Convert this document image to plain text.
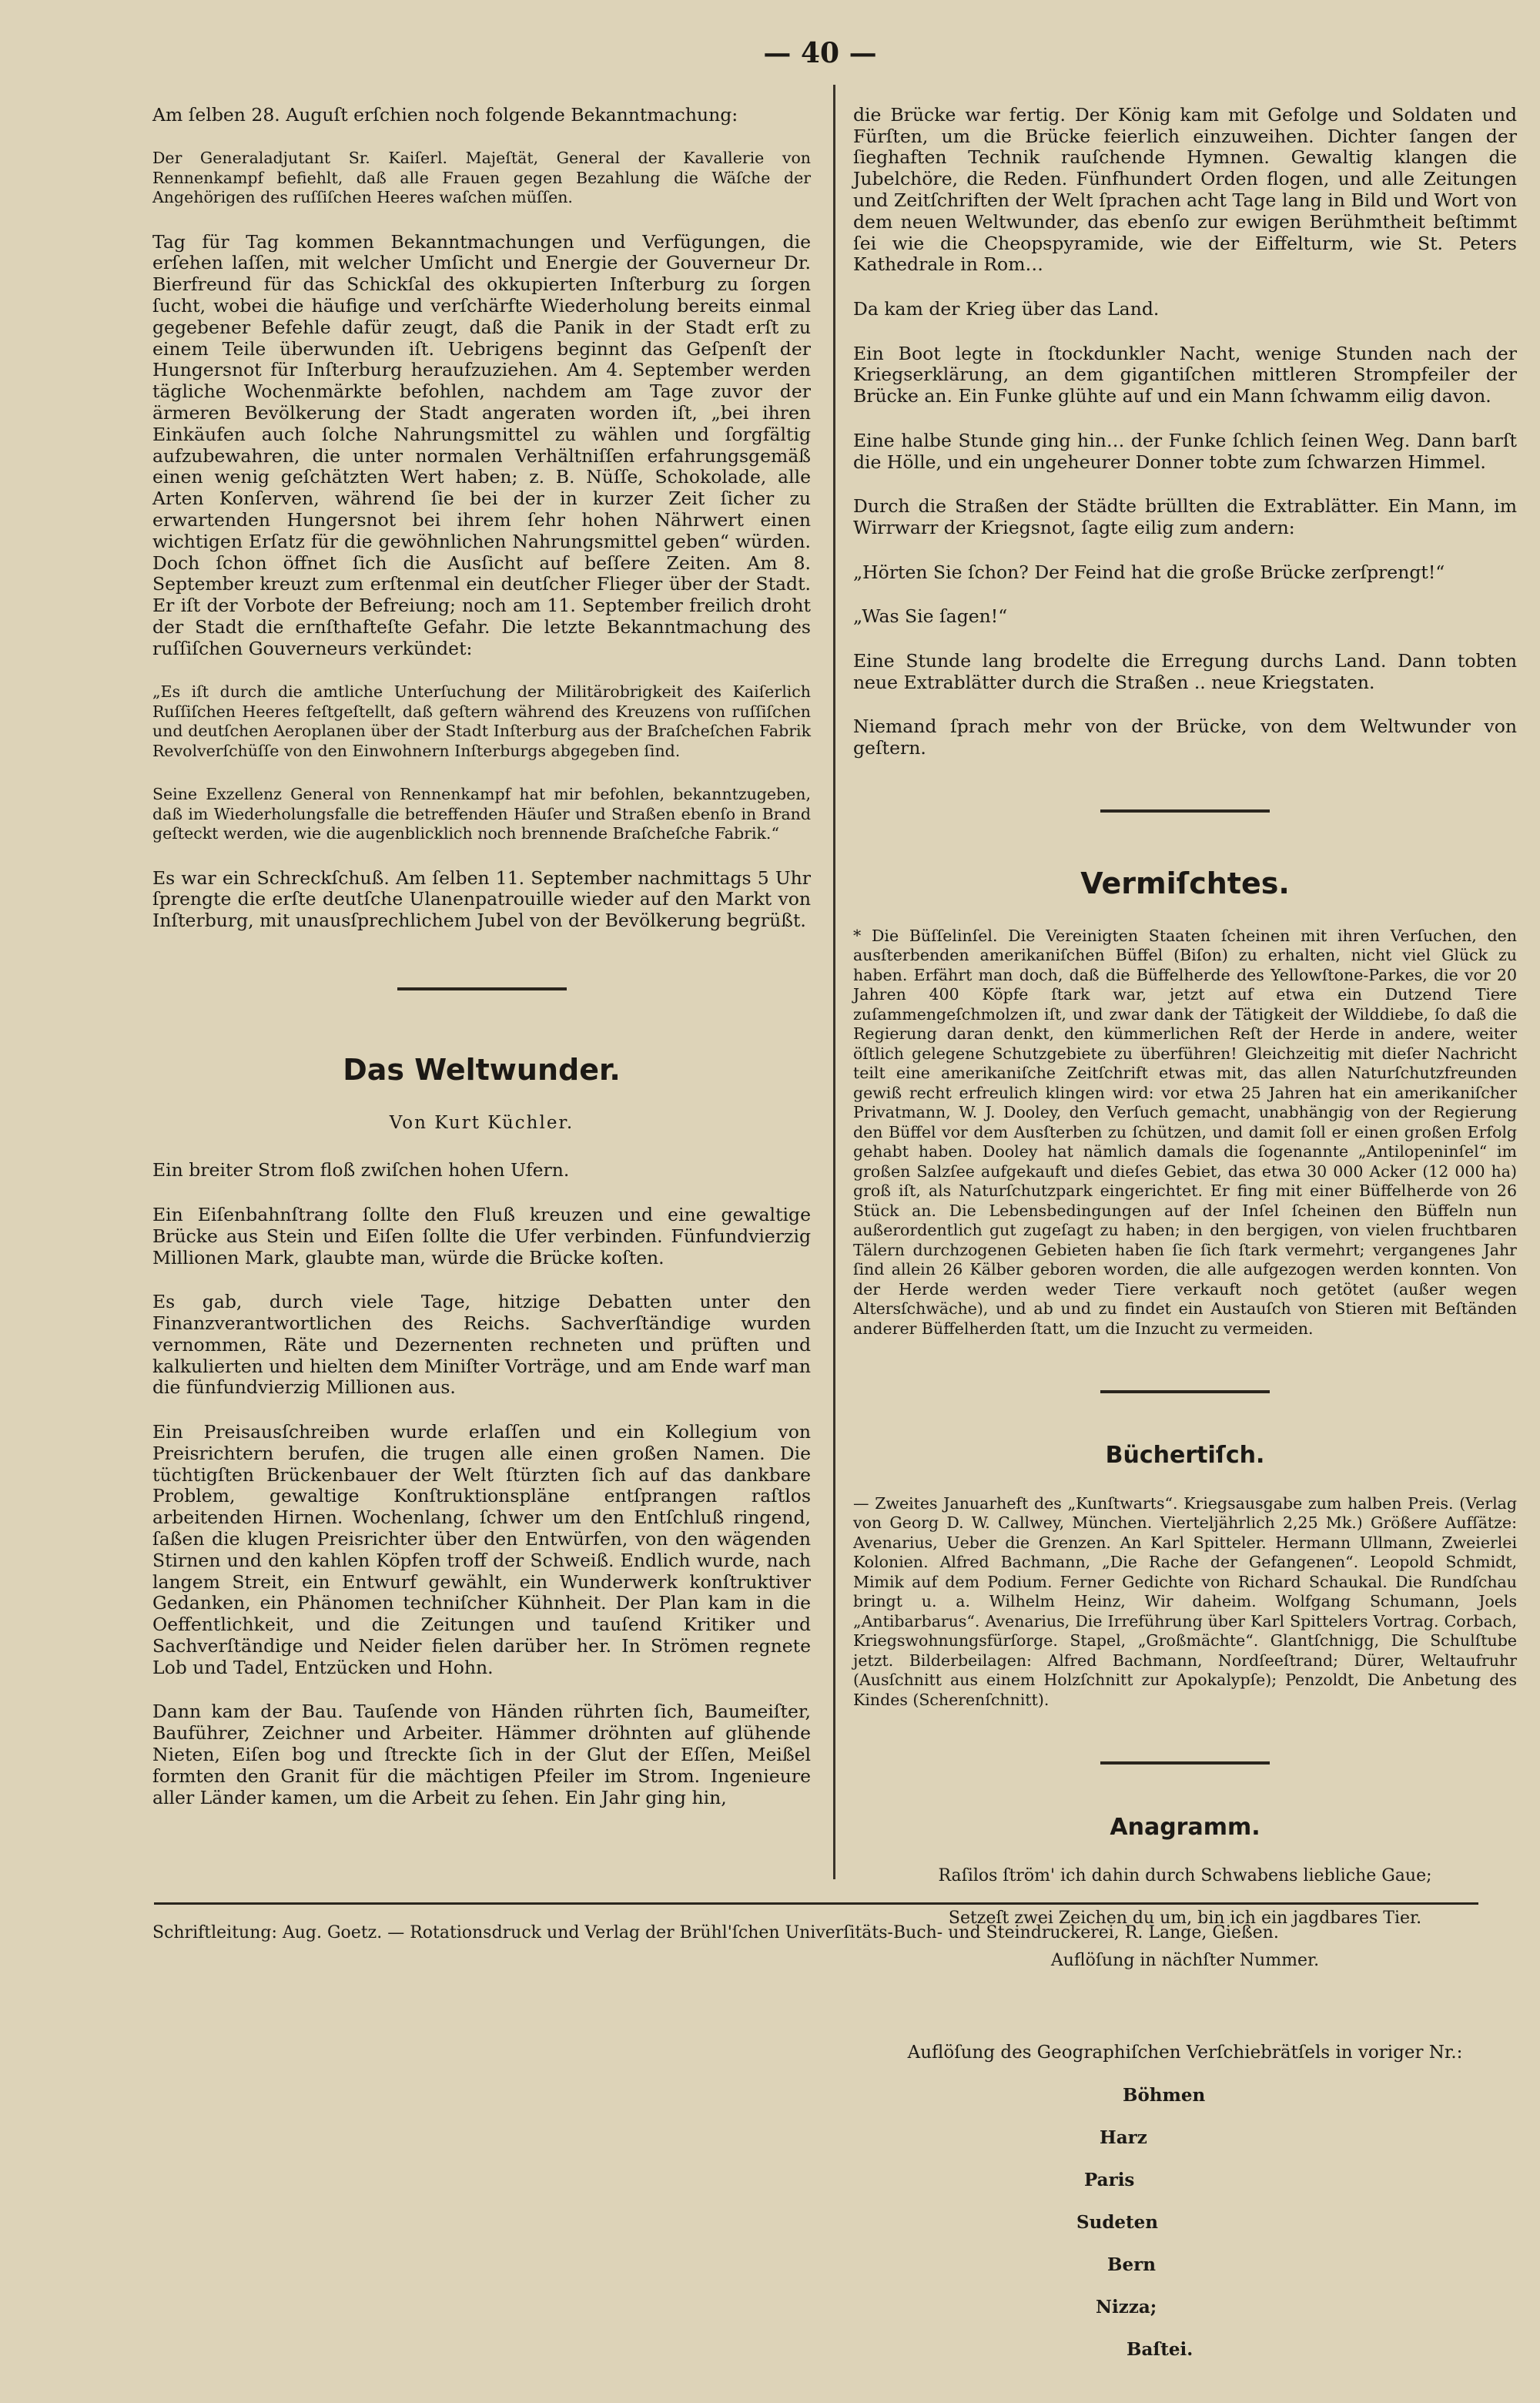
— 40 —

Am ſelben 28. Auguſt erſchien noch folgende Bekanntmachung:

Der Generaladjutant Sr. Kaiſerl. Majeſtät, General der Kavallerie von Rennenkampf befiehlt, daß alle Frauen gegen Bezahlung die Wäſche der Angehörigen des ruſſiſchen Heeres waſchen müſſen.

Tag für Tag kommen Bekanntmachungen und Verfügungen, die erſehen laſſen, mit welcher Umſicht und Energie der Gouverneur Dr. Bierfreund für das Schickſal des okkupierten Inſterburg zu ſorgen ſucht, wobei die häufige und verſchärfte Wiederholung bereits einmal gegebener Befehle dafür zeugt, daß die Panik in der Stadt erſt zu einem Teile überwunden iſt. Uebrigens beginnt das Geſpenſt der Hungersnot für Inſterburg heraufzuziehen. Am 4. September werden tägliche Wochenmärkte befohlen, nachdem am Tage zuvor der ärmeren Bevölkerung der Stadt angeraten worden iſt, „bei ihren Einkäufen auch ſolche Nahrungsmittel zu wählen und ſorgfältig aufzubewahren, die unter normalen Verhältniſſen erfahrungsgemäß einen wenig geſchätzten Wert haben; z. B. Nüſſe, Schokolade, alle Arten Konſerven, während ſie bei der in kurzer Zeit ſicher zu erwartenden Hungersnot bei ihrem ſehr hohen Nährwert einen wichtigen Erſatz für die gewöhnlichen Nahrungsmittel geben“ würden. Doch ſchon öffnet ſich die Ausſicht auf beſſere Zeiten. Am 8. September kreuzt zum erſtenmal ein deutſcher Flieger über der Stadt. Er iſt der Vorbote der Befreiung; noch am 11. September freilich droht der Stadt die ernſthafteſte Gefahr. Die letzte Bekanntmachung des ruſſiſchen Gouverneurs verkündet:

„Es iſt durch die amtliche Unterſuchung der Militärobrigkeit des Kaiſerlich Ruſſiſchen Heeres feſtgeſtellt, daß geſtern während des Kreuzens von ruſſiſchen und deutſchen Aeroplanen über der Stadt Inſterburg aus der Braſcheſchen Fabrik Revolverſchüſſe von den Einwohnern Inſterburgs abgegeben ſind.

Seine Exzellenz General von Rennenkampf hat mir befohlen, bekanntzugeben, daß im Wiederholungsfalle die betreffenden Häuſer und Straßen ebenſo in Brand geſteckt werden, wie die augenblicklich noch brennende Braſcheſche Fabrik.“

Es war ein Schreckſchuß. Am ſelben 11. September nachmittags 5 Uhr ſprengte die erſte deutſche Ulanenpatrouille wieder auf den Markt von Inſterburg, mit unausſprechlichem Jubel von der Bevölkerung begrüßt.

Das Weltwunder.

Von Kurt Küchler.

Ein breiter Strom floß zwiſchen hohen Ufern.

Ein Eiſenbahnſtrang ſollte den Fluß kreuzen und eine gewaltige Brücke aus Stein und Eiſen ſollte die Ufer verbinden. Fünfundvierzig Millionen Mark, glaubte man, würde die Brücke koſten.

Es gab, durch viele Tage, hitzige Debatten unter den Finanzverantwortlichen des Reichs. Sachverſtändige wurden vernommen, Räte und Dezernenten rechneten und prüften und kalkulierten und hielten dem Miniſter Vorträge, und am Ende warf man die fünfundvierzig Millionen aus.

Ein Preisausſchreiben wurde erlaſſen und ein Kollegium von Preisrichtern berufen, die trugen alle einen großen Namen. Die tüchtigſten Brückenbauer der Welt ſtürzten ſich auf das dankbare Problem, gewaltige Konſtruktionspläne entſprangen raſtlos arbeitenden Hirnen. Wochenlang, ſchwer um den Entſchluß ringend, ſaßen die klugen Preisrichter über den Entwürfen, von den wägenden Stirnen und den kahlen Köpfen troff der Schweiß. Endlich wurde, nach langem Streit, ein Entwurf gewählt, ein Wunderwerk konſtruktiver Gedanken, ein Phänomen techniſcher Kühnheit. Der Plan kam in die Oeffentlichkeit, und die Zeitungen und tauſend Kritiker und Sachverſtändige und Neider fielen darüber her. In Strömen regnete Lob und Tadel, Entzücken und Hohn.

Dann kam der Bau. Tauſende von Händen rührten ſich, Baumeiſter, Bauführer, Zeichner und Arbeiter. Hämmer dröhnten auf glühende Nieten, Eiſen bog und ſtreckte ſich in der Glut der Eſſen, Meißel formten den Granit für die mächtigen Pfeiler im Strom. Ingenieure aller Länder kamen, um die Arbeit zu ſehen. Ein Jahr ging hin,

die Brücke war fertig. Der König kam mit Gefolge und Soldaten und Fürſten, um die Brücke feierlich einzuweihen. Dichter ſangen der ſieghaften Technik rauſchende Hymnen. Gewaltig klangen die Jubelchöre, die Reden. Fünfhundert Orden flogen, und alle Zeitungen und Zeitſchriften der Welt ſprachen acht Tage lang in Bild und Wort von dem neuen Weltwunder, das ebenſo zur ewigen Berühmtheit beſtimmt ſei wie die Cheopspyramide, wie der Eiffelturm, wie St. Peters Kathedrale in Rom…

Da kam der Krieg über das Land.

Ein Boot legte in ſtockdunkler Nacht, wenige Stunden nach der Kriegserklärung, an dem gigantiſchen mittleren Strompfeiler der Brücke an. Ein Funke glühte auf und ein Mann ſchwamm eilig davon.

Eine halbe Stunde ging hin… der Funke ſchlich ſeinen Weg. Dann barſt die Hölle, und ein ungeheurer Donner tobte zum ſchwarzen Himmel.

Durch die Straßen der Städte brüllten die Extrablätter. Ein Mann, im Wirrwarr der Kriegsnot, ſagte eilig zum andern:

„Hörten Sie ſchon? Der Feind hat die große Brücke zerſprengt!“

„Was Sie ſagen!“

Eine Stunde lang brodelte die Erregung durchs Land. Dann tobten neue Extrablätter durch die Straßen .. neue Kriegstaten.

Niemand ſprach mehr von der Brücke, von dem Weltwunder von geſtern.

Vermiſchtes.

* Die Büſſelinſel. Die Vereinigten Staaten ſcheinen mit ihren Verſuchen, den ausſterbenden amerikaniſchen Büffel (Biſon) zu erhalten, nicht viel Glück zu haben. Erfährt man doch, daß die Büffelherde des Yellowſtone-Parkes, die vor 20 Jahren 400 Köpfe ſtark war, jetzt auf etwa ein Dutzend Tiere zuſammengeſchmolzen iſt, und zwar dank der Tätigkeit der Wilddiebe, ſo daß die Regierung daran denkt, den kümmerlichen Reſt der Herde in andere, weiter öſtlich gelegene Schutzgebiete zu überführen! Gleichzeitig mit dieſer Nachricht teilt eine amerikaniſche Zeitſchrift etwas mit, das allen Naturſchutzfreunden gewiß recht erfreulich klingen wird: vor etwa 25 Jahren hat ein amerikaniſcher Privatmann, W. J. Dooley, den Verſuch gemacht, unabhängig von der Regierung den Büffel vor dem Ausſterben zu ſchützen, und damit ſoll er einen großen Erfolg gehabt haben. Dooley hat nämlich damals die ſogenannte „Antilopeninſel“ im großen Salzſee aufgekauft und dieſes Gebiet, das etwa 30 000 Acker (12 000 ha) groß iſt, als Naturſchutzpark eingerichtet. Er fing mit einer Büffelherde von 26 Stück an. Die Lebensbedingungen auf der Inſel ſcheinen den Büffeln nun außerordentlich gut zugeſagt zu haben; in den bergigen, von vielen fruchtbaren Tälern durchzogenen Gebieten haben ſie ſich ſtark vermehrt; vergangenes Jahr ſind allein 26 Kälber geboren worden, die alle aufgezogen werden konnten. Von der Herde werden weder Tiere verkauft noch getötet (außer wegen Altersſchwäche), und ab und zu findet ein Austauſch von Stieren mit Beſtänden anderer Büffelherden ſtatt, um die Inzucht zu vermeiden.

Büchertiſch.

— Zweites Januarheft des „Kunſtwarts“. Kriegsausgabe zum halben Preis. (Verlag von Georg D. W. Callwey, München. Vierteljährlich 2,25 Mk.) Größere Aufſätze: Avenarius, Ueber die Grenzen. An Karl Spitteler. Hermann Ullmann, Zweierlei Kolonien. Alfred Bachmann, „Die Rache der Gefangenen“. Leopold Schmidt, Mimik auf dem Podium. Ferner Gedichte von Richard Schaukal. Die Rundſchau bringt u. a. Wilhelm Heinz, Wir daheim. Wolfgang Schumann, Joels „Antibarbarus“. Avenarius, Die Irreführung über Karl Spittelers Vortrag. Corbach, Kriegswohnungsfürſorge. Stapel, „Großmächte“. Glantſchnigg, Die Schulſtube jetzt. Bilderbeilagen: Alfred Bachmann, Nordſeeſtrand; Dürer, Weltaufruhr (Ausſchnitt aus einem Holzſchnitt zur Apokalypſe); Penzoldt, Die Anbetung des Kindes (Scherenſchnitt).

Anagramm.

Raſilos ſtröm' ich dahin durch Schwabens liebliche Gaue;

Setzeſt zwei Zeichen du um, bin ich ein jagdbares Tier.

Auflöſung in nächſter Nummer.

Auflöſung des Geographiſchen Verſchiebrätſels in voriger Nr.:

Böhmen

Harz

Paris

Sudeten

Bern

Nizza;

Baſtei.

Schriftleitung: Aug. Goetz. — Rotationsdruck und Verlag der Brühl'ſchen Univerſitäts-Buch- und Steindruckerei, R. Lange, Gießen.
